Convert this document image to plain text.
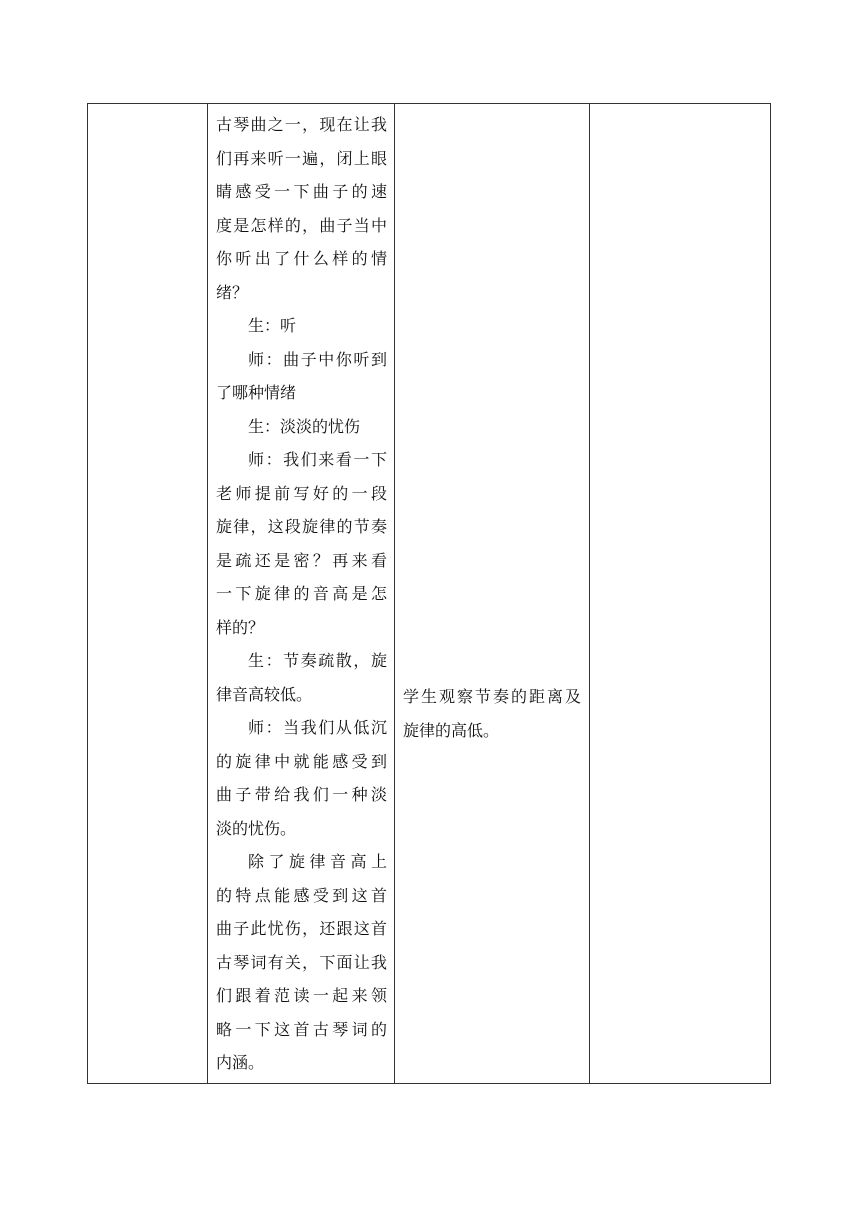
古琴曲之一，现在让我
们再来听一遍，闭上眼
睛感受一下曲子的速
度是怎样的，曲子当中
你听出了什么样的情
绪？
生：听
师：曲子中你听到
了哪种情绪
生：淡淡的忧伤
师：我们来看一下
老师提前写好的一段
旋律，这段旋律的节奏
是疏还是密？再来看
一下旋律的音高是怎
样的？
生：节奏疏散，旋
律音高较低。
师：当我们从低沉
的旋律中就能感受到
曲子带给我们一种淡
淡的忧伤。
除了旋律音高上
的特点能感受到这首
曲子此忧伤，还跟这首
古琴词有关，下面让我
们跟着范读一起来领
略一下这首古琴词的
内涵。
学生观察节奏的距离及
旋律的高低。
